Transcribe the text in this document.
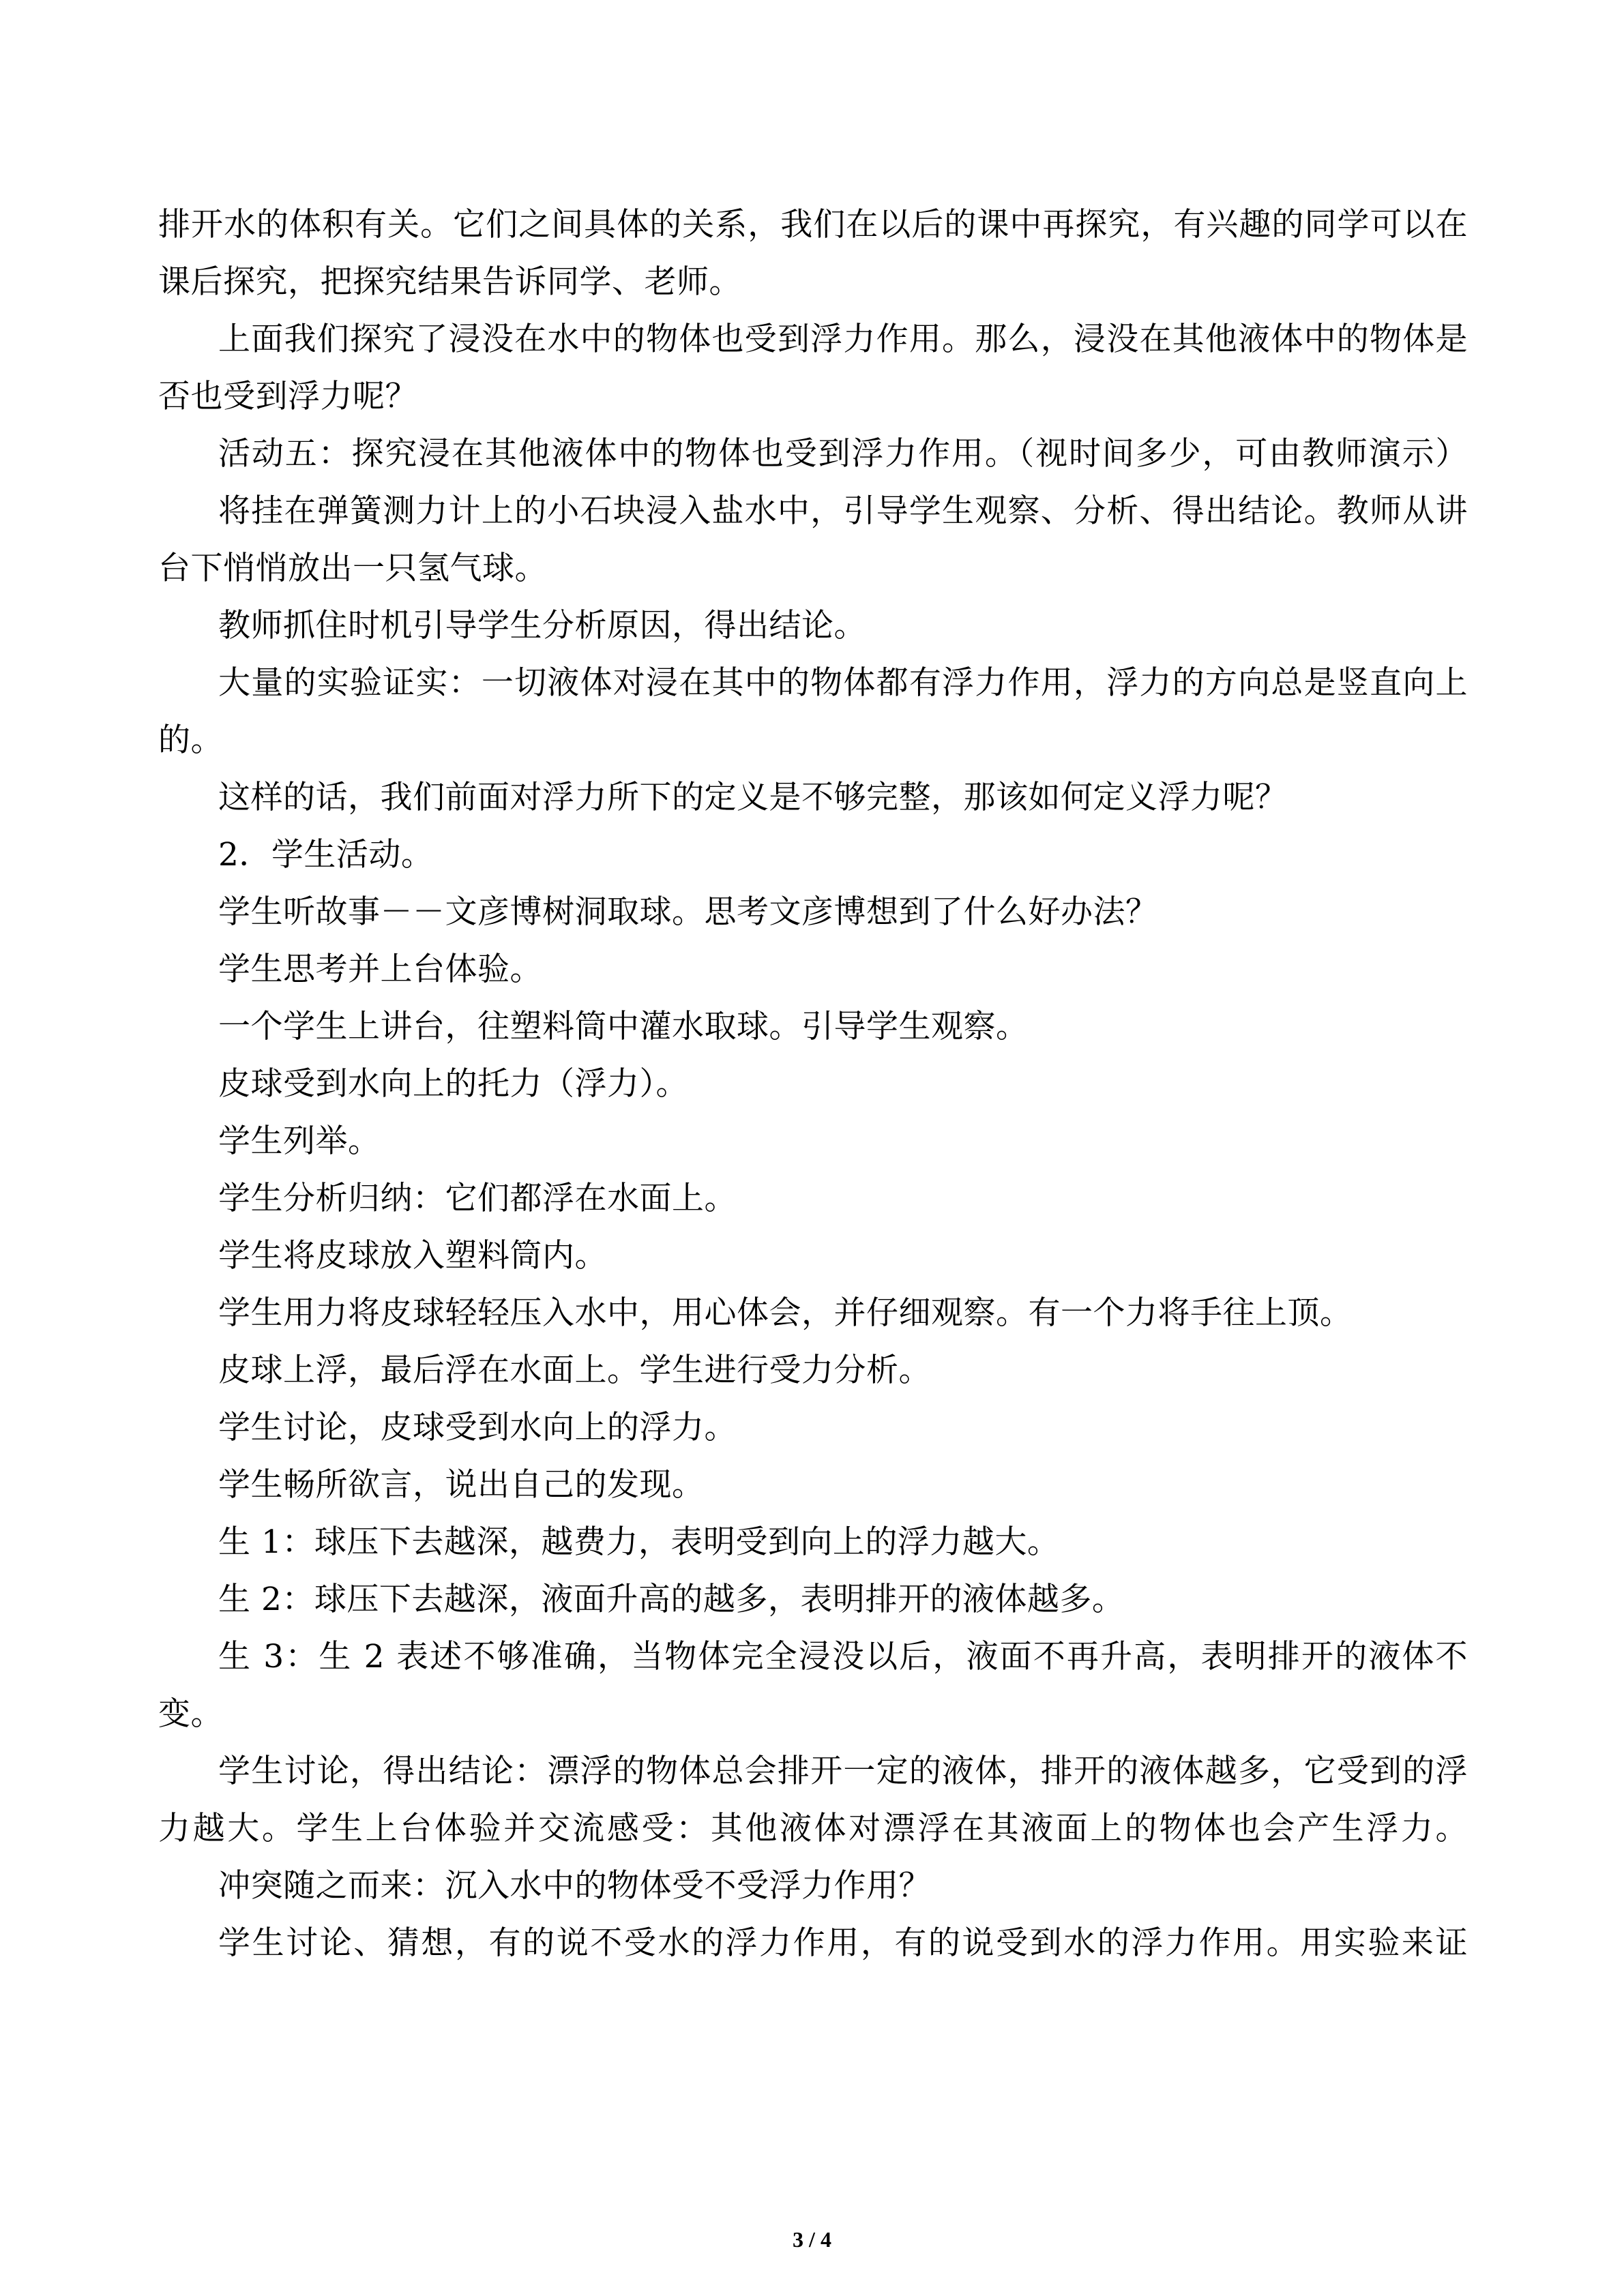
排开水的体积有关。它们之间具体的关系，我们在以后的课中再探究，有兴趣的同学可以在
课后探究，把探究结果告诉同学、老师。
上面我们探究了浸没在水中的物体也受到浮力作用。那么，浸没在其他液体中的物体是
否也受到浮力呢？
活动五：探究浸在其他液体中的物体也受到浮力作用。（视时间多少，可由教师演示）
将挂在弹簧测力计上的小石块浸入盐水中，引导学生观察、分析、得出结论。教师从讲
台下悄悄放出一只氢气球。
教师抓住时机引导学生分析原因，得出结论。
大量的实验证实：一切液体对浸在其中的物体都有浮力作用，浮力的方向总是竖直向上
的。
这样的话，我们前面对浮力所下的定义是不够完整，那该如何定义浮力呢？
2．学生活动。
学生听故事－－文彦博树洞取球。思考文彦博想到了什么好办法？
学生思考并上台体验。
一个学生上讲台，往塑料筒中灌水取球。引导学生观察。
皮球受到水向上的托力（浮力）。
学生列举。
学生分析归纳：它们都浮在水面上。
学生将皮球放入塑料筒内。
学生用力将皮球轻轻压入水中，用心体会，并仔细观察。有一个力将手往上顶。
皮球上浮，最后浮在水面上。学生进行受力分析。
学生讨论，皮球受到水向上的浮力。
学生畅所欲言，说出自己的发现。
生 1：球压下去越深，越费力，表明受到向上的浮力越大。
生 2：球压下去越深，液面升高的越多，表明排开的液体越多。
生 3：生 2 表述不够准确，当物体完全浸没以后，液面不再升高，表明排开的液体不
变。
学生讨论，得出结论：漂浮的物体总会排开一定的液体，排开的液体越多，它受到的浮
力越大。学生上台体验并交流感受：其他液体对漂浮在其液面上的物体也会产生浮力。
冲突随之而来：沉入水中的物体受不受浮力作用？
学生讨论、猜想，有的说不受水的浮力作用，有的说受到水的浮力作用。用实验来证
3 / 4
